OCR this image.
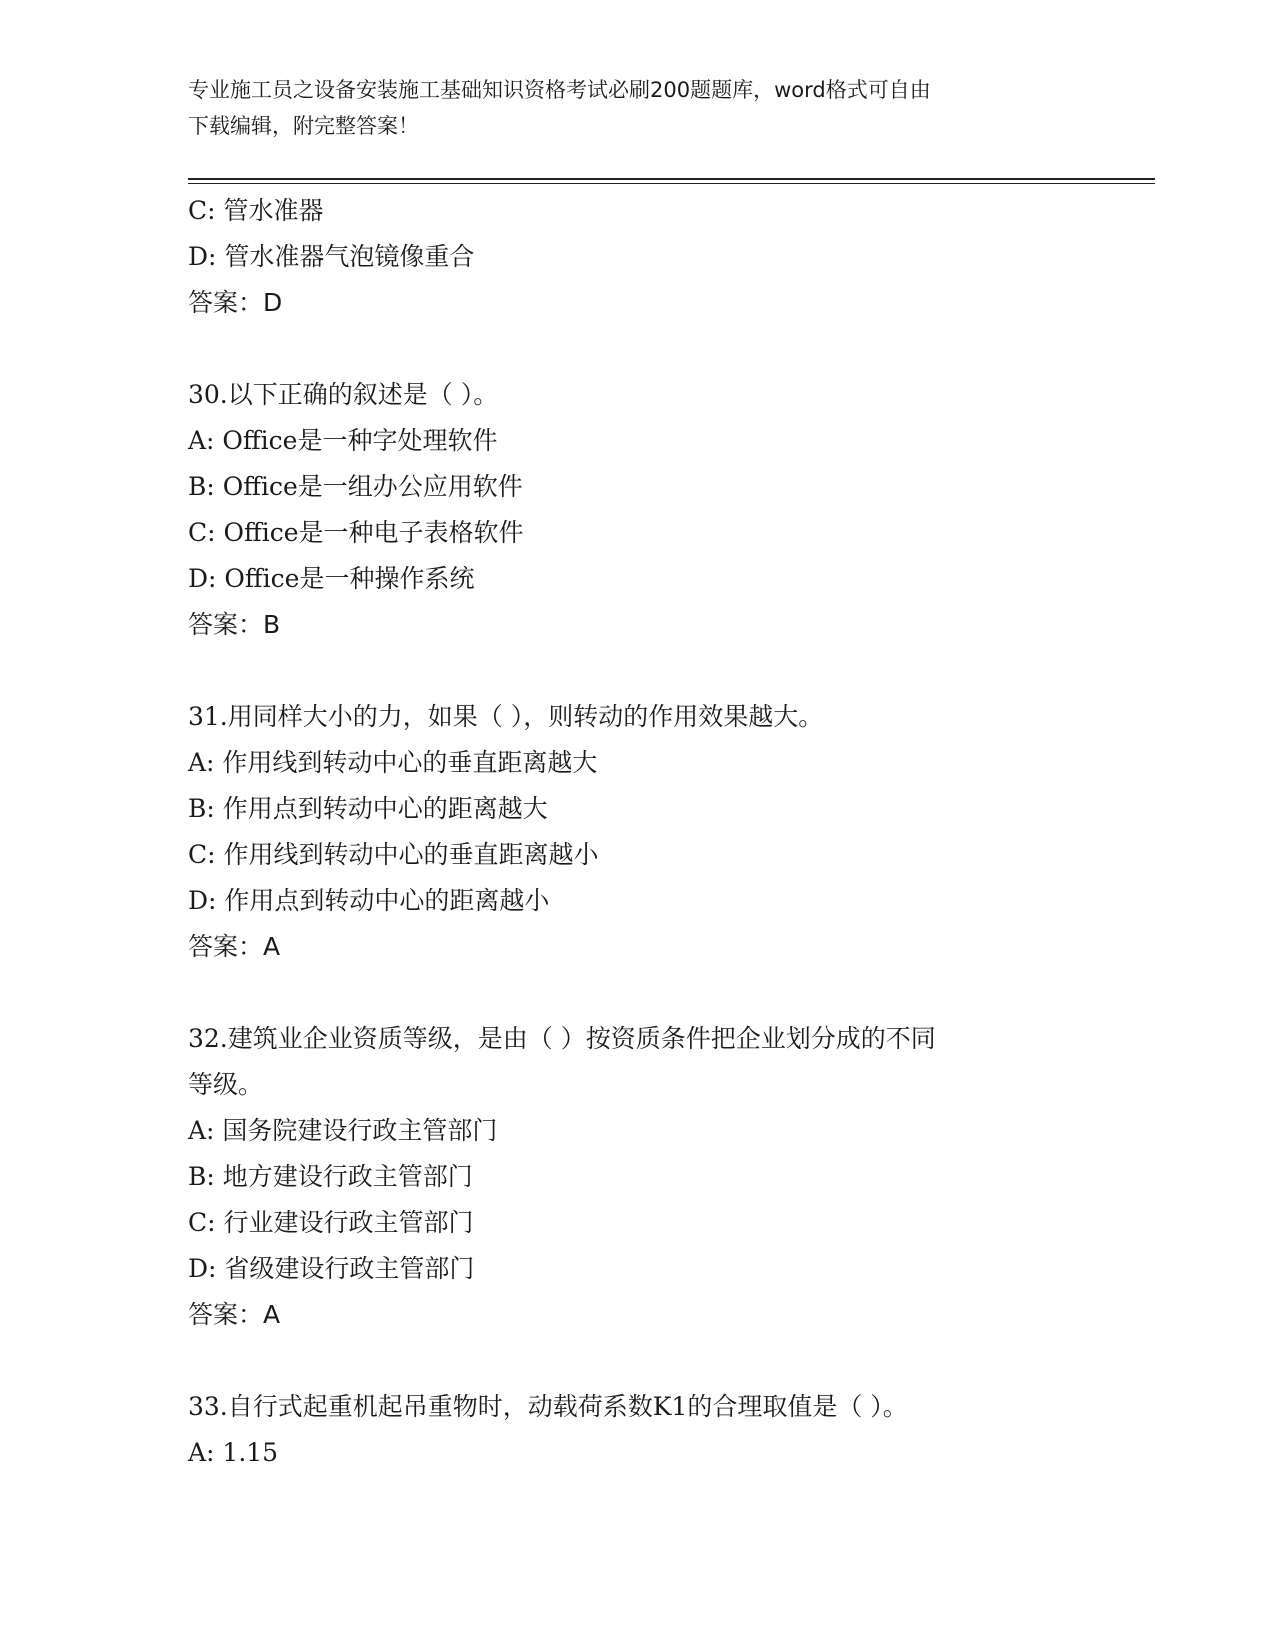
专业施工员之设备安装施工基础知识资格考试必刷200题题库，word格式可自由
下载编辑，附完整答案！
C: 管水准器
D: 管水准器气泡镜像重合
答案：D
30.以下正确的叙述是（ ）。
A: Office是一种字处理软件
B: Office是一组办公应用软件
C: Office是一种电子表格软件
D: Office是一种操作系统
答案：B
31.用同样大小的力，如果（ ），则转动的作用效果越大。
A: 作用线到转动中心的垂直距离越大
B: 作用点到转动中心的距离越大
C: 作用线到转动中心的垂直距离越小
D: 作用点到转动中心的距离越小
答案：A
32.建筑业企业资质等级，是由（ ）按资质条件把企业划分成的不同
等级。
A: 国务院建设行政主管部门
B: 地方建设行政主管部门
C: 行业建设行政主管部门
D: 省级建设行政主管部门
答案：A
33.自行式起重机起吊重物时，动载荷系数K1的合理取值是（ ）。
A: 1.15
